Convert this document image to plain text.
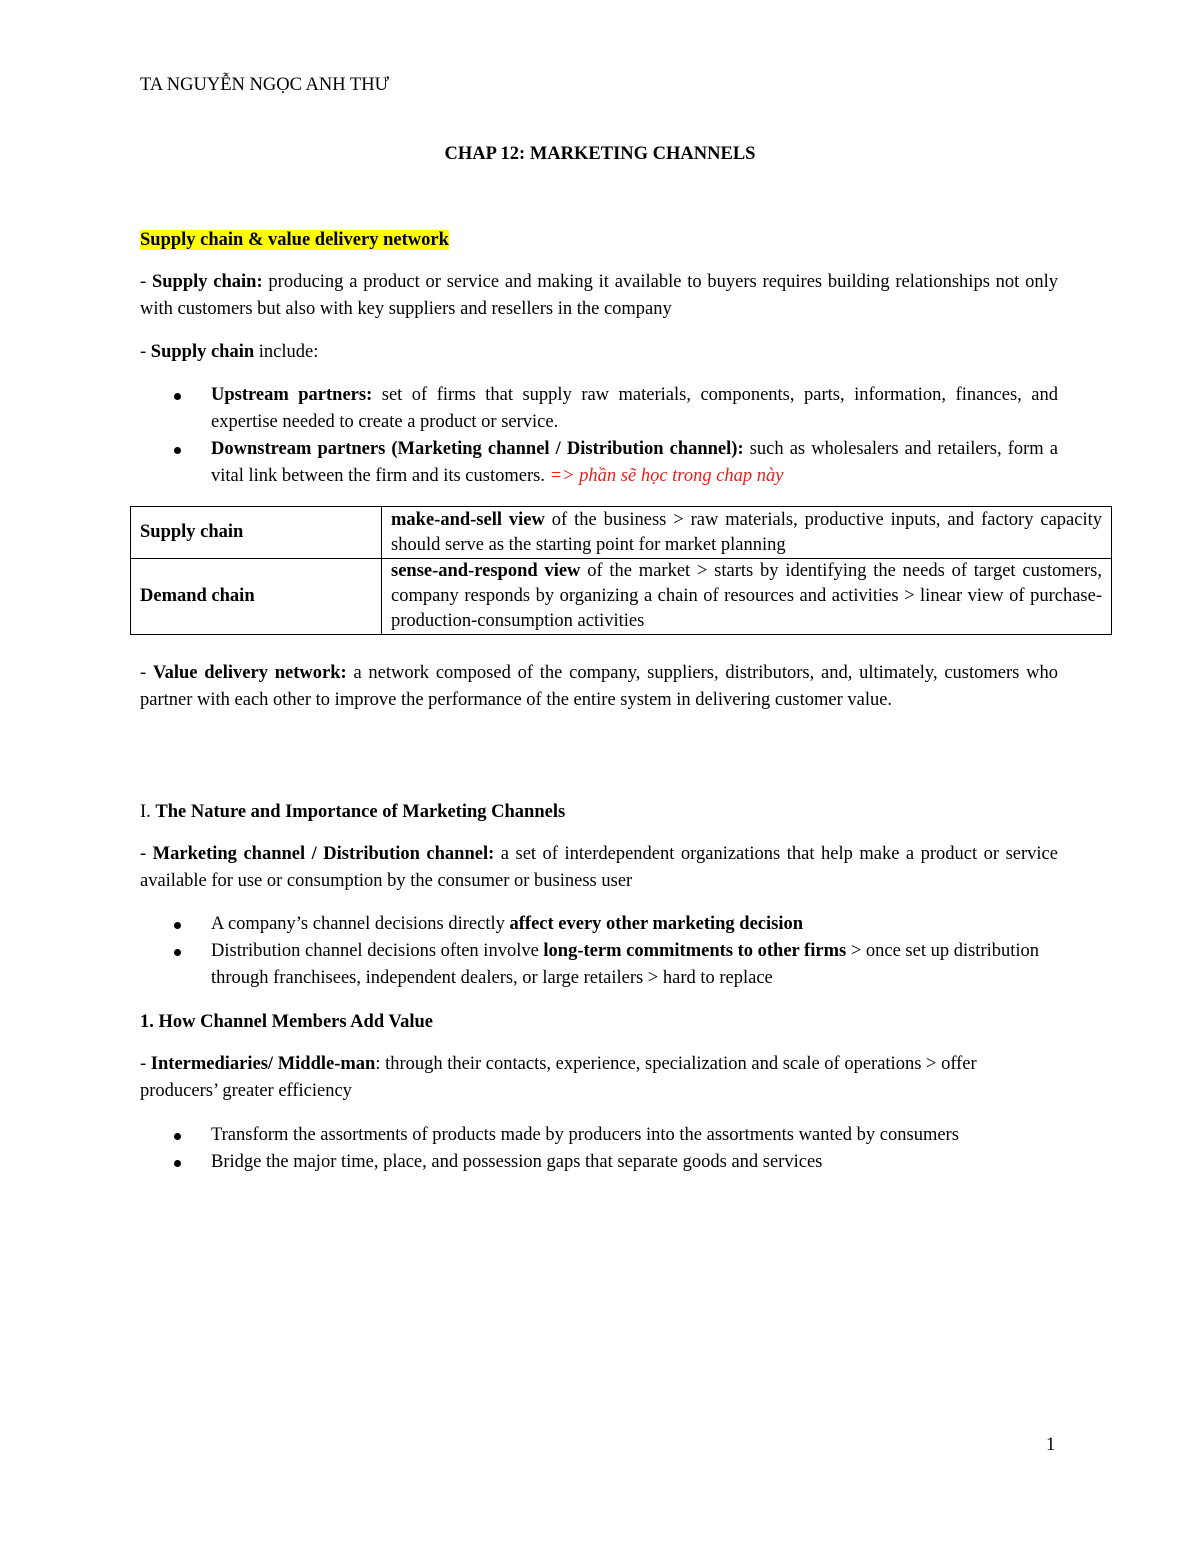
TA NGUYỄN NGỌC ANH THƯ
CHAP 12: MARKETING CHANNELS
Supply chain & value delivery network

- Supply chain: producing a product or service and making it available to buyers requires building relationships not only with customers but also with key suppliers and resellers in the company

- Supply chain include:

Upstream partners: set of firms that supply raw materials, components, parts, information, finances, and expertise needed to create a product or service.
Downstream partners (Marketing channel / Distribution channel): such as wholesalers and retailers, form a vital link between the firm and its customers. => phần sẽ học trong chap này
Supply chain	make-and-sell view of the business > raw materials, productive inputs, and factory capacity should serve as the starting point for market planning
Demand chain	sense-and-respond view of the market > starts by identifying the needs of target customers, company responds by organizing a chain of resources and activities > linear view of purchase-production-consumption activities

- Value delivery network: a network composed of the company, suppliers, distributors, and, ultimately, customers who partner with each other to improve the performance of the entire system in delivering customer value.

I. The Nature and Importance of Marketing Channels

- Marketing channel / Distribution channel: a set of interdependent organizations that help make a product or service available for use or consumption by the consumer or business user

A company’s channel decisions directly affect every other marketing decision
Distribution channel decisions often involve long-term commitments to other firms > once set up distribution through franchisees, independent dealers, or large retailers > hard to replace

1. How Channel Members Add Value

- Intermediaries/ Middle-man: through their contacts, experience, specialization and scale of operations > offer producers’ greater efficiency

Transform the assortments of products made by producers into the assortments wanted by consumers
Bridge the major time, place, and possession gaps that separate goods and services
1
